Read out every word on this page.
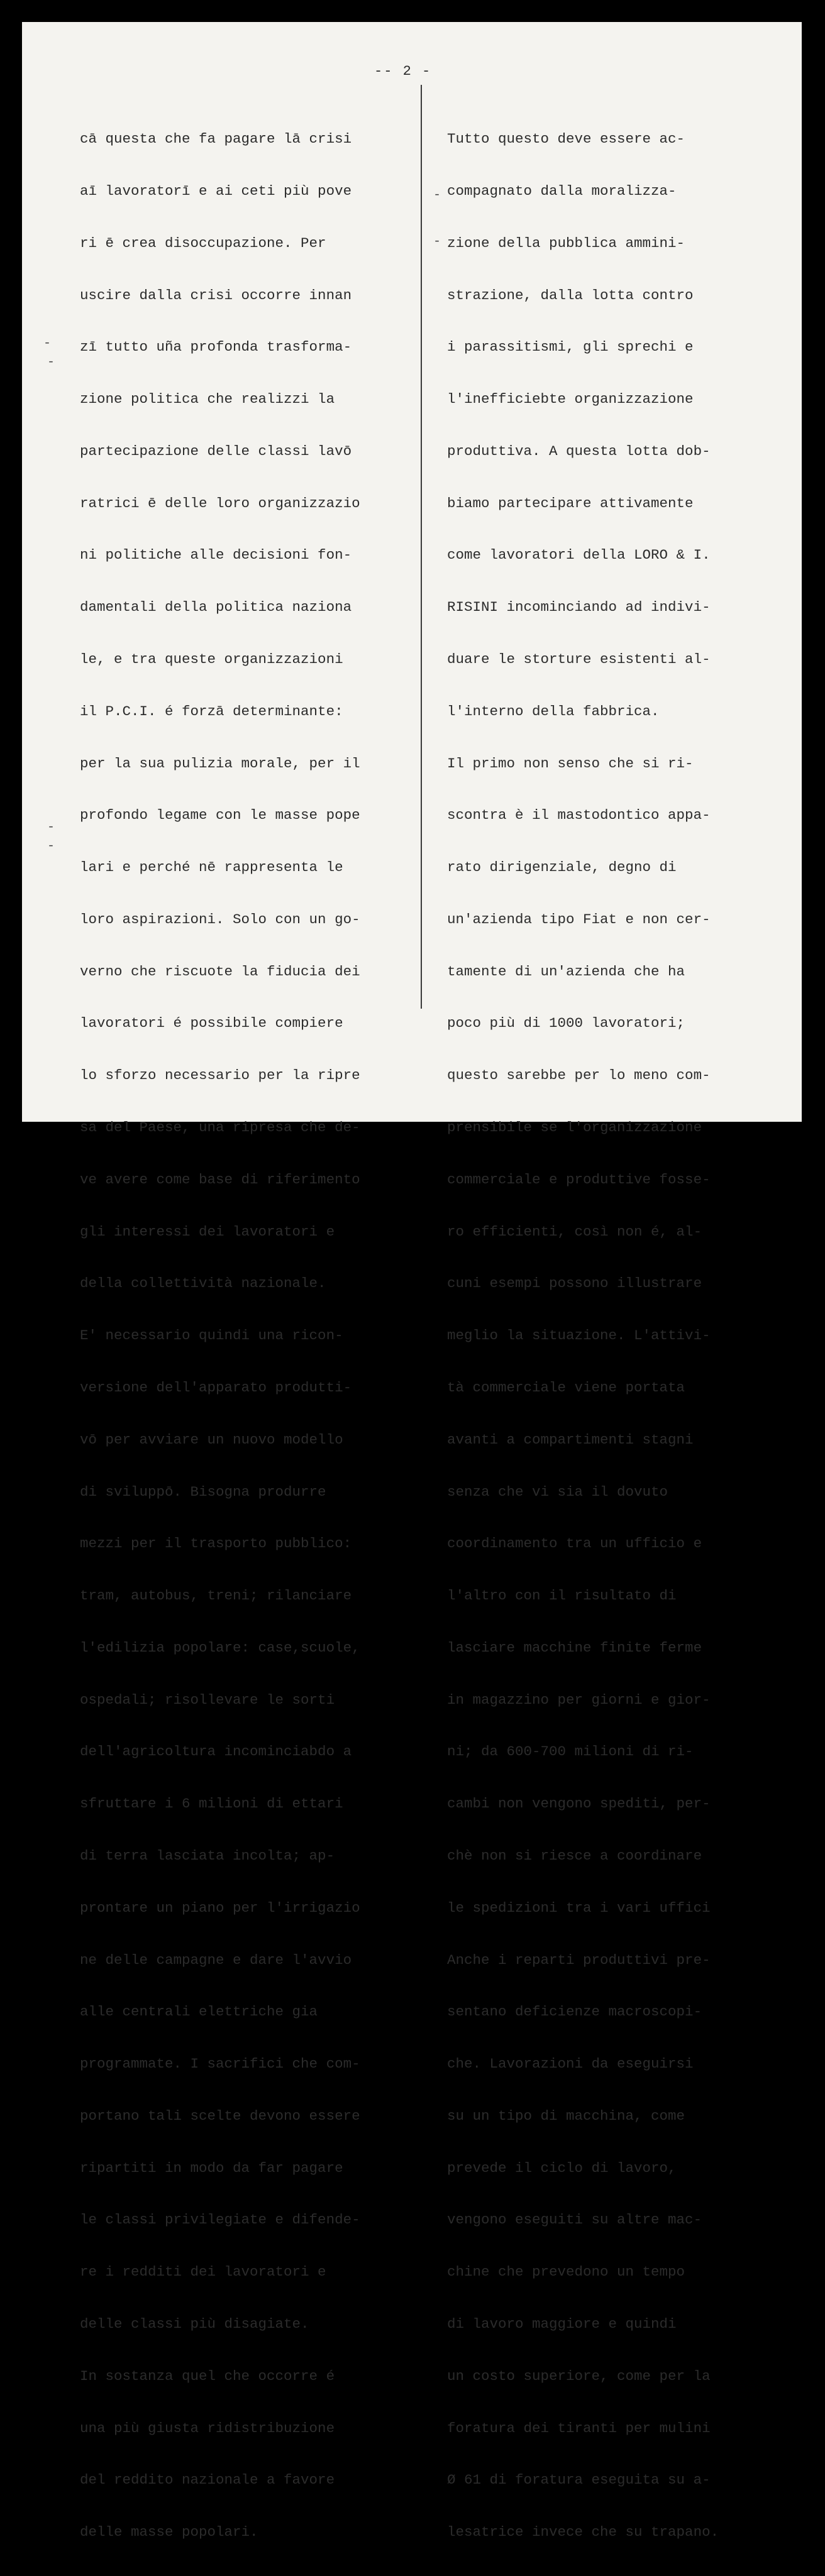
-- 2 -

cā questa che fa pagare lā crisi

aī lavoratorī e ai ceti più pove

ri ē crea disoccupazione. Per

uscire dalla crisi occorre innan

zī tutto uña profonda trasforma-

zione politica che realizzi la

partecipazione delle classi lavō

ratrici ē delle loro organizzazio

ni politiche alle decisioni fon-

damentali della politica naziona

le, e tra queste organizzazioni

il P.C.I. é forzā determinante:

per la sua pulizia morale, per il

profondo legame con le masse pope

lari e perché nē rappresenta le

loro aspirazioni. Solo con un go-

verno che riscuote la fiducia dei

lavoratori é possibile compiere

lo sforzo necessario per la ripre

sa del Paese, una ripresa che de-

ve avere come base di riferimento

gli interessi dei lavoratori e

della collettività nazionale.

E' necessario quindi una ricon-

versione dell'apparato produtti-

vō per avviare un nuovo modello

di sviluppō. Bisogna produrre

mezzi per il trasporto pubblico:

tram, autobus, treni; rilanciare

l'edilizia popolare: case,scuole,

ospedali; risollevare le sorti

dell'agricoltura incominciabdo a

sfruttare i 6 milioni di ettari

di terra lasciata incolta; ap-

prontare un piano per l'irrigazio

ne delle campagne e dare l'avvio

alle centrali elettriche gia

programmate. I sacrifici che com-

portano tali scelte devono essere

ripartiti in modo da far pagare

le classi privilegiate e difende-

re i redditi dei lavoratori e

delle classi più disagiate.

In sostanza quel che occorre é

una più giusta ridistribuzione

del reddito nazionale a favore

delle masse popolari.

Tutto questo deve essere ac-

compagnato dalla moralizza-

zione della pubblica ammini-

strazione, dalla lotta contro

i parassitismi, gli sprechi e

l'inefficiebte organizzazione

produttiva. A questa lotta dob-

biamo partecipare attivamente

come lavoratori della LORO & I.

RISINI incominciando ad indivi-

duare le storture esistenti al-

l'interno della fabbrica.

Il primo non senso che si ri-

scontra è il mastodontico appa-

rato dirigenziale, degno di

un'azienda tipo Fiat e non cer-

tamente di un'azienda che ha

poco più di 1000 lavoratori;

questo sarebbe per lo meno com-

prensibile se l'organizzazione

commerciale e produttive fosse-

ro efficienti, così non é, al-

cuni esempi possono illustrare

meglio la situazione. L'attivi-

tà commerciale viene portata

avanti a compartimenti stagni

senza che vi sia il dovuto

coordinamento tra un ufficio e

l'altro con il risultato di

lasciare macchine finite ferme

in magazzino per giorni e gior-

ni; da 600-700 milioni di ri-

cambi non vengono spediti, per-

chè non si riesce a coordinare

le spedizioni tra i vari uffici

Anche i reparti produttivi pre-

sentano deficienze macroscopi-

che. Lavorazioni da eseguirsi

su un tipo di macchina, come

prevede il ciclo di lavoro,

vengono eseguiti su altre mac-

chine che prevedono un tempo

di lavoro maggiore e quindi

un costo superiore, come per la

foratura dei tiranti per mulini

Ø 61 di foratura eseguita su a-

lesatrice invece che su trapano.

-
-
-
-
-
-
